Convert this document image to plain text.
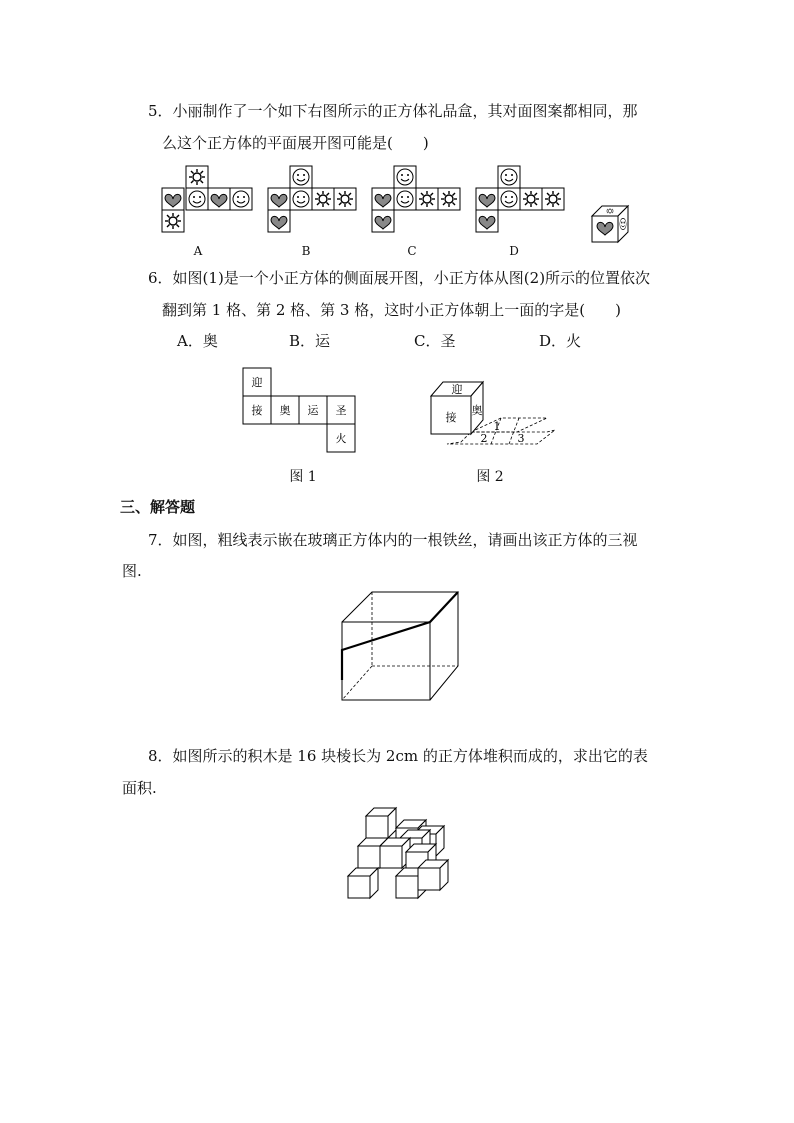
5．小丽制作了一个如下右图所示的正方体礼品盒，其对面图案都相同，那
么这个正方体的平面展开图可能是(　　)
A	B	C	D
6．如图(1)是一个小正方体的侧面展开图，小正方体从图(2)所示的位置依次
翻到第 1 格、第 2 格、第 3 格，这时小正方体朝上一面的字是(　　)
A．奥	B．运	C．圣	D．火
迎
接 奥 运 圣
火
迎
接
奥
1
2	3
图 1	图 2
三、解答题
7．如图，粗线表示嵌在玻璃正方体内的一根铁丝，请画出该正方体的三视
图.
8．如图所示的积木是 16 块棱长为 2cm 的正方体堆积而成的，求出它的表
面积.
